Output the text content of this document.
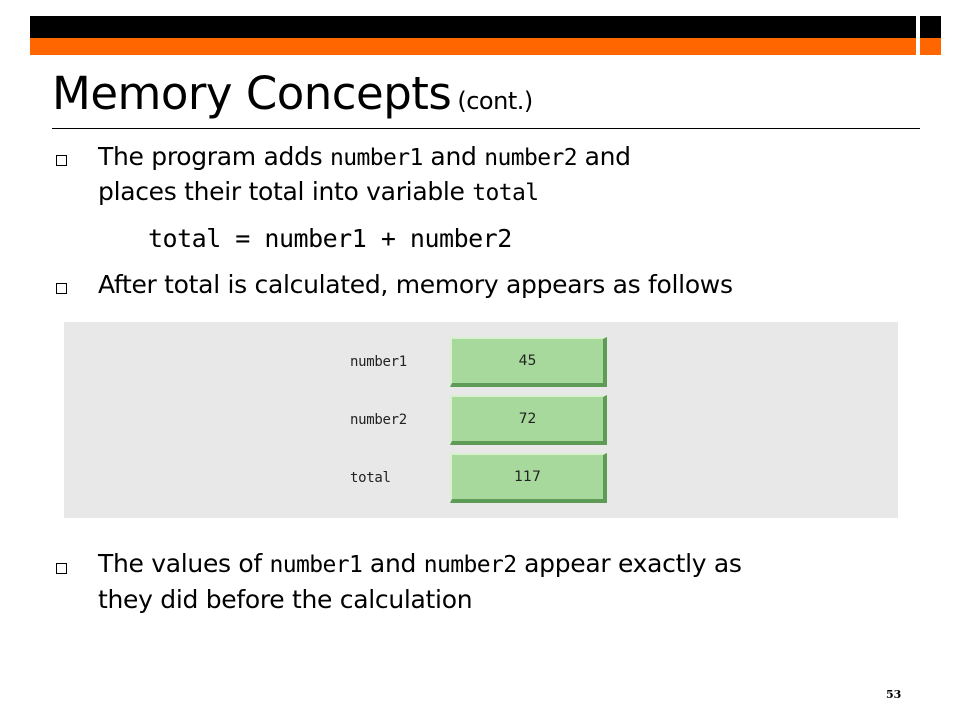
Memory Concepts (cont.)
The program adds number1 and number2 and
places their total into variable total
total = number1 + number2
After total is calculated, memory appears as follows
number1	45
number2	72
total	117
The values of number1 and number2 appear exactly as
they did before the calculation
53
